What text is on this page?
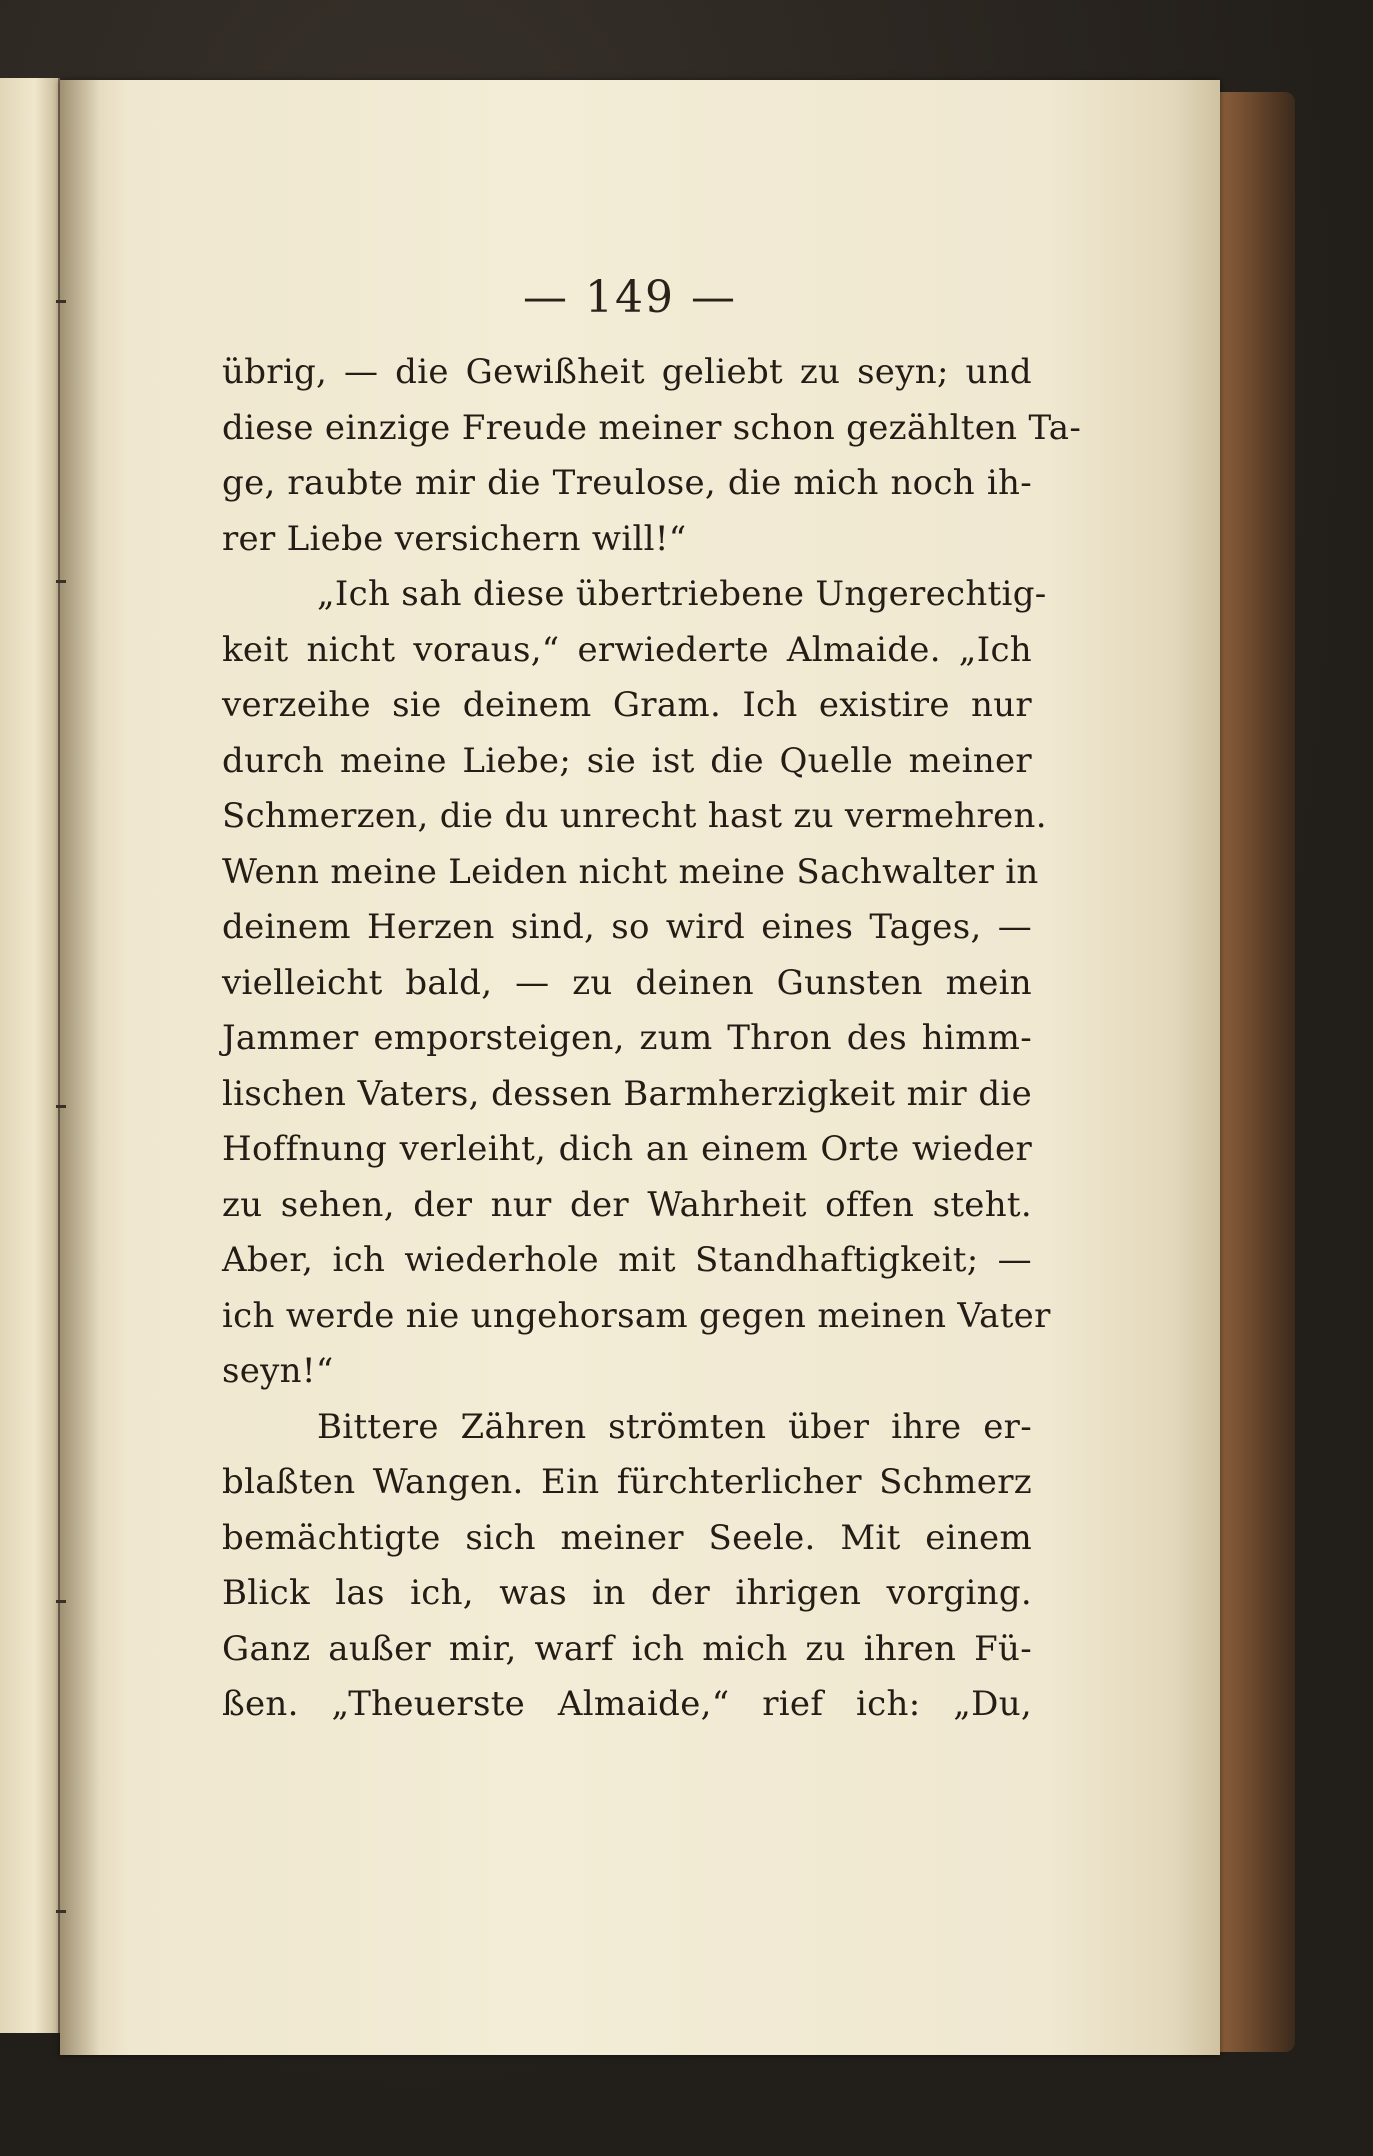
— 149 —
übrig, — die Gewißheit geliebt zu seyn; und
diese einzige Freude meiner schon gezählten Ta-
ge, raubte mir die Treulose, die mich noch ih-
rer Liebe versichern will!“
„Ich sah diese übertriebene Ungerechtig-
keit nicht voraus,“ erwiederte Almaide. „Ich
verzeihe sie deinem Gram. Ich existire nur
durch meine Liebe; sie ist die Quelle meiner
Schmerzen, die du unrecht hast zu vermehren.
Wenn meine Leiden nicht meine Sachwalter in
deinem Herzen sind, so wird eines Tages, —
vielleicht bald, — zu deinen Gunsten mein
Jammer emporsteigen, zum Thron des himm-
lischen Vaters, dessen Barmherzigkeit mir die
Hoffnung verleiht, dich an einem Orte wieder
zu sehen, der nur der Wahrheit offen steht.
Aber, ich wiederhole mit Standhaftigkeit; —
ich werde nie ungehorsam gegen meinen Vater
seyn!“
Bittere Zähren strömten über ihre er-
blaßten Wangen. Ein fürchterlicher Schmerz
bemächtigte sich meiner Seele. Mit einem
Blick las ich, was in der ihrigen vorging.
Ganz außer mir, warf ich mich zu ihren Fü-
ßen. „Theuerste Almaide,“ rief ich: „Du,
